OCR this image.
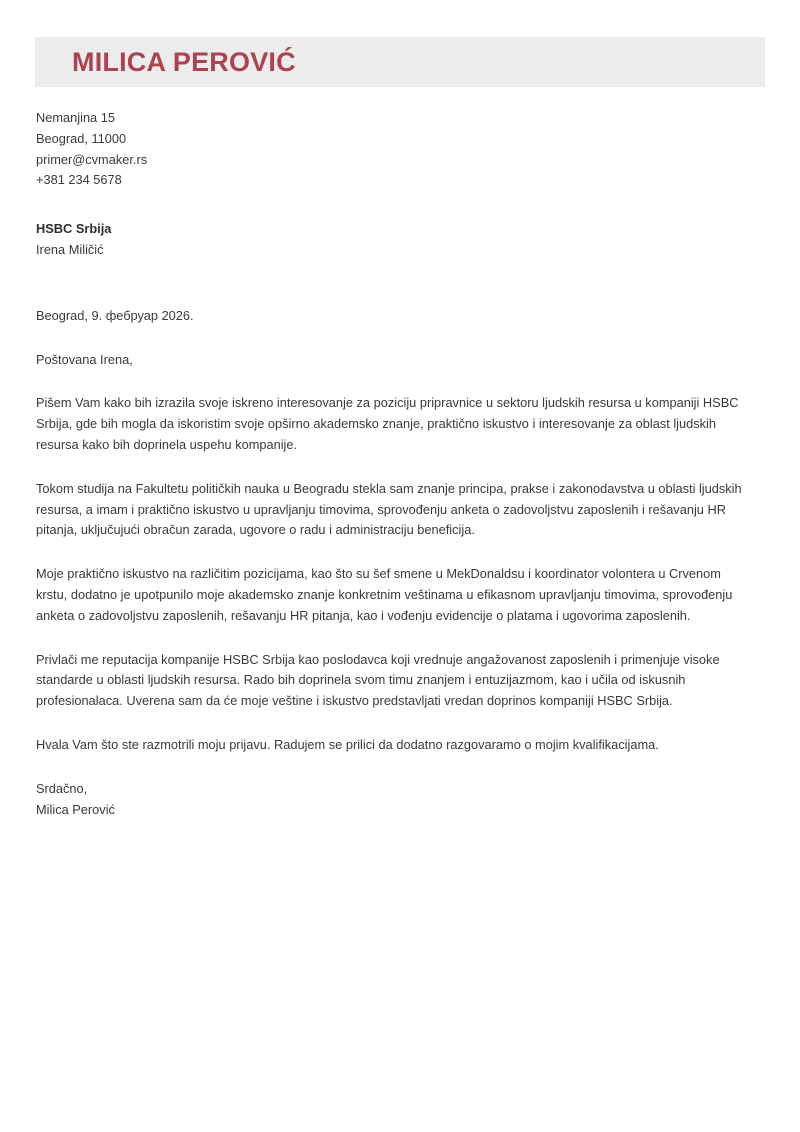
MILICA PEROVIĆ
Nemanjina 15
Beograd, 11000
primer@cvmaker.rs
+381 234 5678
HSBC Srbija
Irena Miličić
Beograd, 9. фебруар 2026.
Poštovana Irena,

Pišem Vam kako bih izrazila svoje iskreno interesovanje za poziciju pripravnice u sektoru ljudskih resursa u kompaniji HSBC Srbija, gde bih mogla da iskoristim svoje opširno akademsko znanje, praktično iskustvo i interesovanje za oblast ljudskih resursa kako bih doprinela uspehu kompanije.

Tokom studija na Fakultetu političkih nauka u Beogradu stekla sam znanje principa, prakse i zakonodavstva u oblasti ljudskih resursa, a imam i praktično iskustvo u upravljanju timovima, sprovođenju anketa o zadovoljstvu zaposlenih i rešavanju HR pitanja, uključujući obračun zarada, ugovore o radu i administraciju beneficija.

Moje praktično iskustvo na različitim pozicijama, kao što su šef smene u MekDonaldsu i koordinator volontera u Crvenom krstu, dodatno je upotpunilo moje akademsko znanje konkretnim veštinama u efikasnom upravljanju timovima, sprovođenju anketa o zadovoljstvu zaposlenih, rešavanju HR pitanja, kao i vođenju evidencije o platama i ugovorima zaposlenih.

Privlači me reputacija kompanije HSBC Srbija kao poslodavca koji vrednuje angažovanost zaposlenih i primenjuje visoke standarde u oblasti ljudskih resursa. Rado bih doprinela svom timu znanjem i entuzijazmom, kao i učila od iskusnih profesionalaca. Uverena sam da će moje veštine i iskustvo predstavljati vredan doprinos kompaniji HSBC Srbija.

Hvala Vam što ste razmotrili moju prijavu. Radujem se prilici da dodatno razgovaramo o mojim kvalifikacijama.

Srdačno,
Milica Perović
